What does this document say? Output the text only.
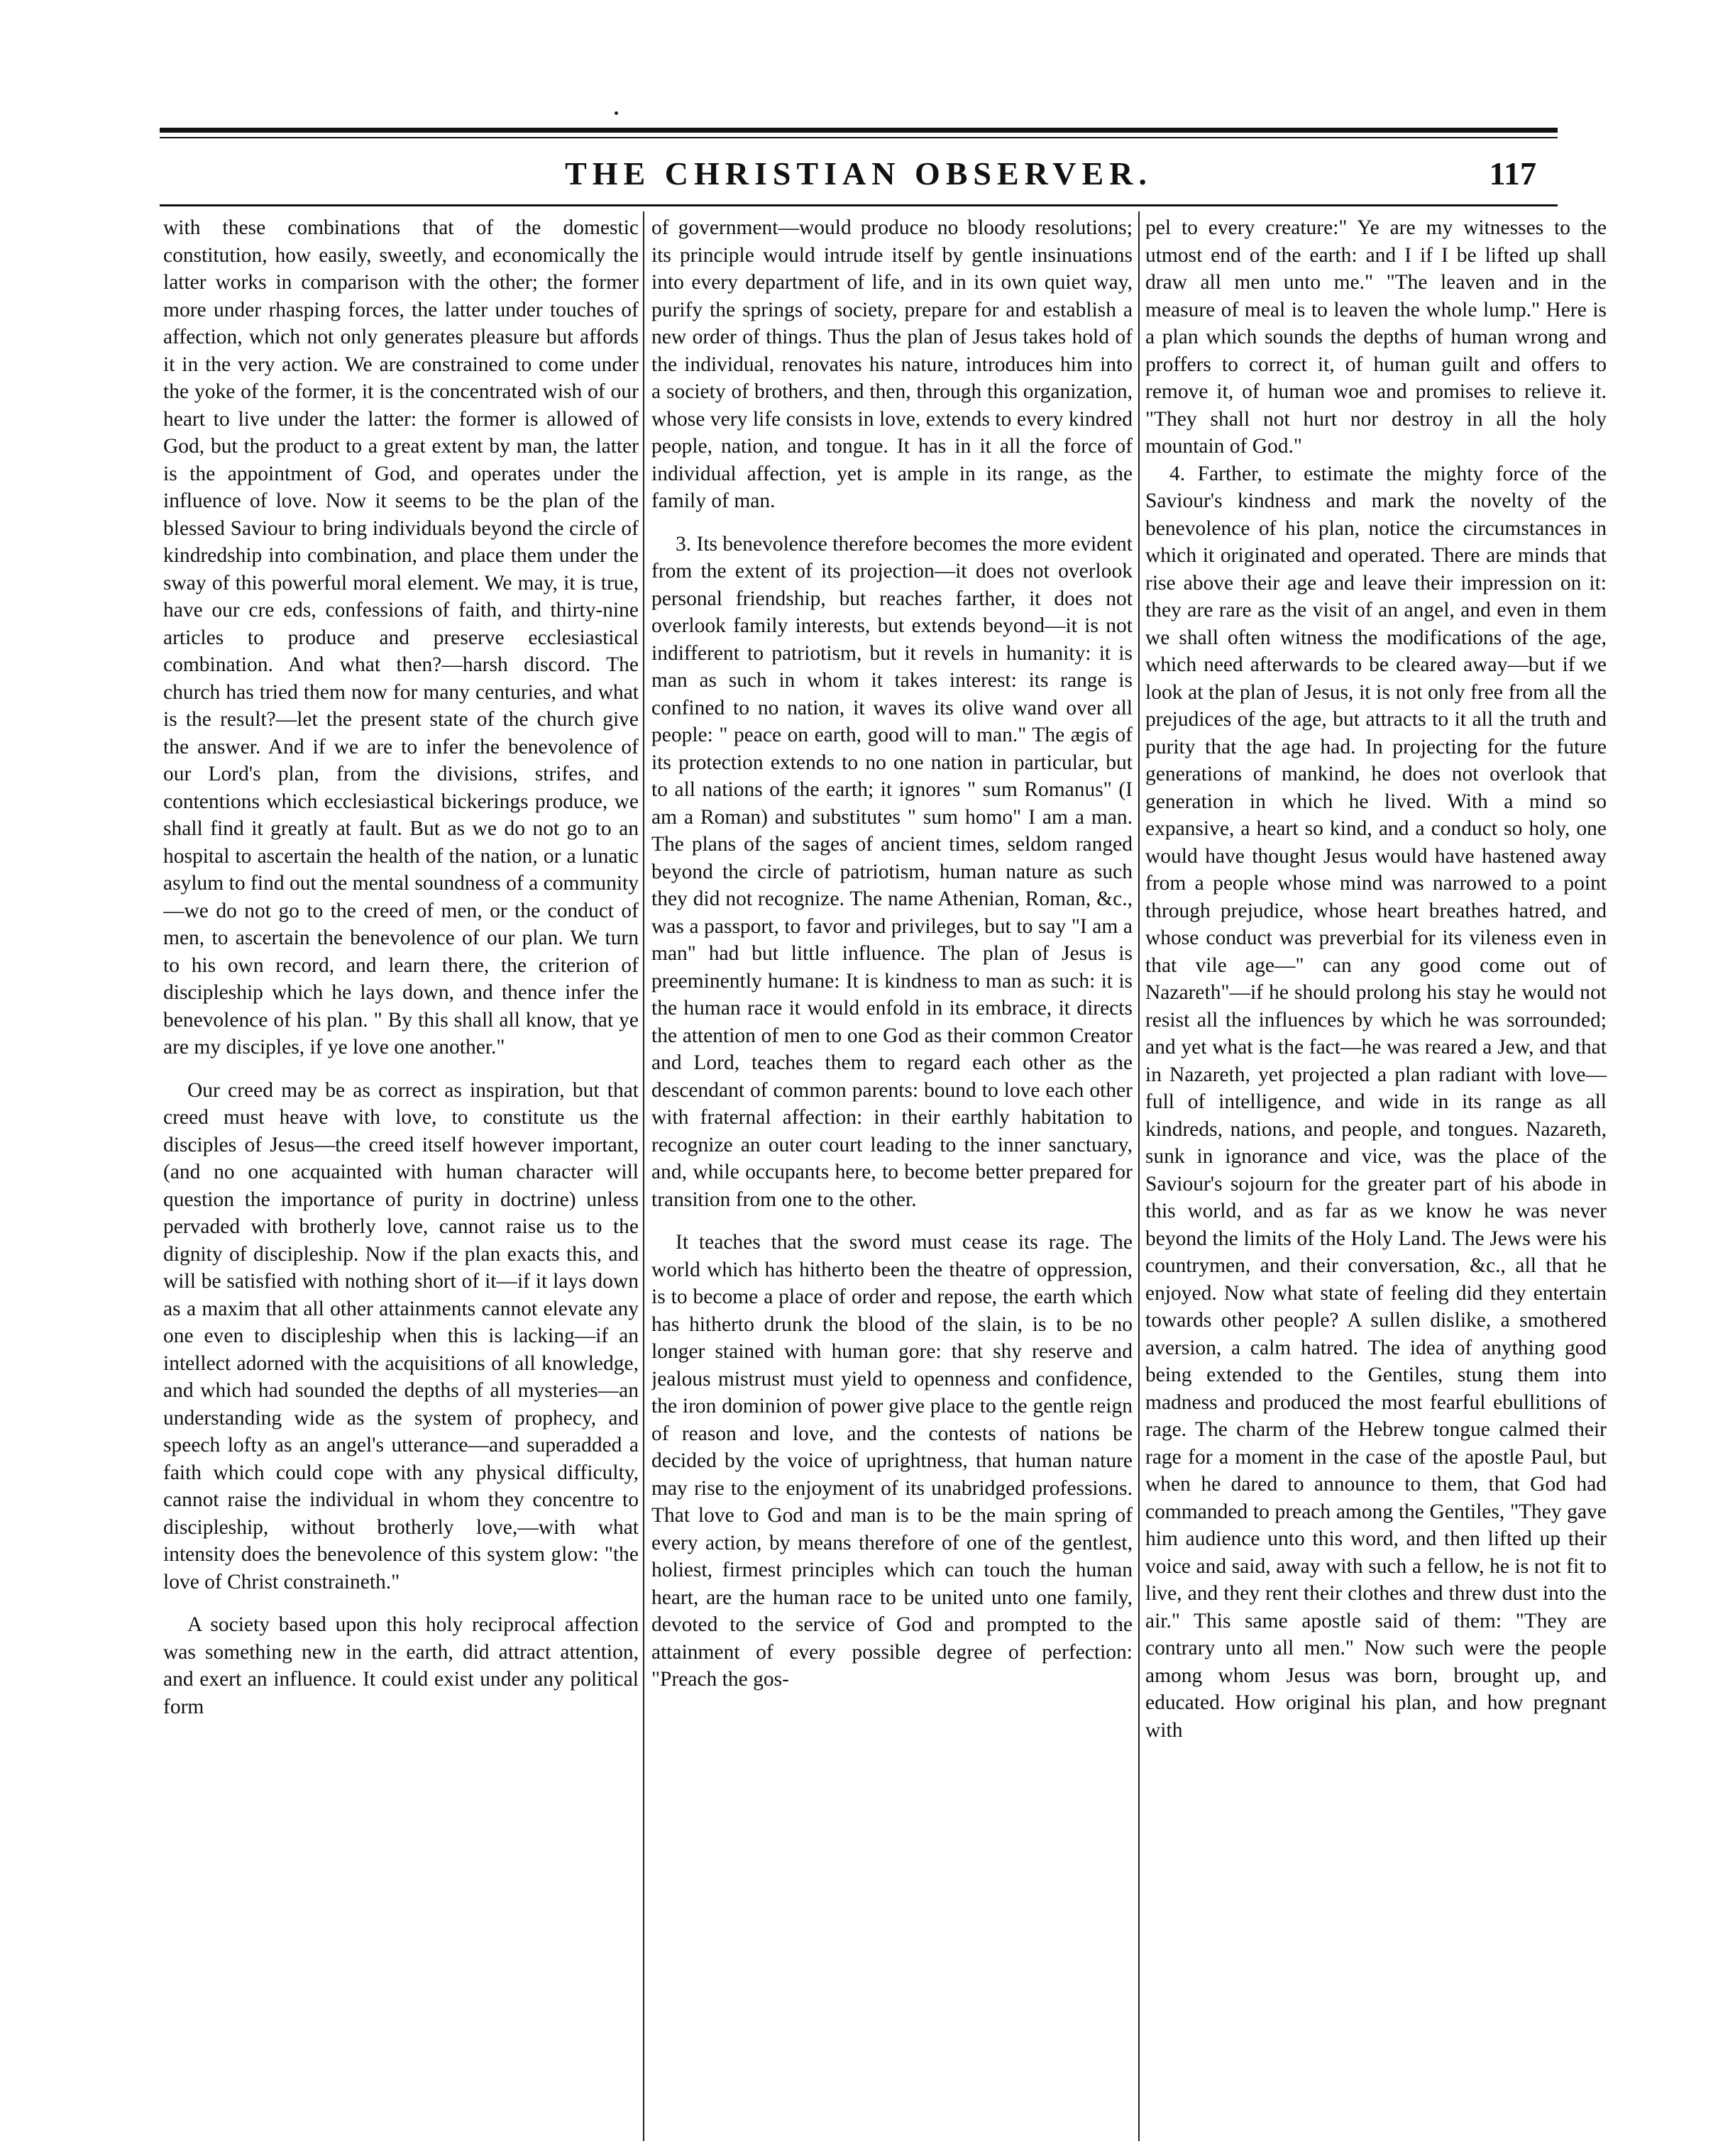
THE CHRISTIAN OBSERVER.	117

with these combinations that of the domestic constitution, how easily, sweetly, and economically the latter works in comparison with the other; the former more under rhasping forces, the latter under touches of affection, which not only generates pleasure but affords it in the very action. We are constrained to come under the yoke of the former, it is the concentrated wish of our heart to live under the latter: the former is allowed of God, but the product to a great extent by man, the latter is the appointment of God, and operates under the influence of love. Now it seems to be the plan of the blessed Saviour to bring individuals beyond the circle of kindredship into combination, and place them under the sway of this powerful moral element. We may, it is true, have our cre eds, confessions of faith, and thirty-nine articles to produce and preserve ecclesiastical combination. And what then?—harsh discord. The church has tried them now for many centuries, and what is the result?—let the present state of the church give the answer. And if we are to infer the benevolence of our Lord's plan, from the divisions, strifes, and contentions which ecclesiastical bickerings produce, we shall find it greatly at fault. But as we do not go to an hospital to ascertain the health of the nation, or a lunatic asylum to find out the mental soundness of a community—we do not go to the creed of men, or the conduct of men, to ascertain the benevolence of our plan. We turn to his own record, and learn there, the criterion of discipleship which he lays down, and thence infer the benevolence of his plan. " By this shall all know, that ye are my disciples, if ye love one another."

Our creed may be as correct as inspiration, but that creed must heave with love, to constitute us the disciples of Jesus—the creed itself however important, (and no one acquainted with human character will question the importance of purity in doctrine) unless pervaded with brotherly love, cannot raise us to the dignity of discipleship. Now if the plan exacts this, and will be satisfied with nothing short of it—if it lays down as a maxim that all other attainments cannot elevate any one even to discipleship when this is lacking—if an intellect adorned with the acquisitions of all knowledge, and which had sounded the depths of all mysteries—an understanding wide as the system of prophecy, and speech lofty as an angel's utterance—and superadded a faith which could cope with any physical difficulty, cannot raise the individual in whom they concentre to discipleship, without brotherly love,—with what intensity does the benevolence of this system glow: "the love of Christ constraineth."

A society based upon this holy reciprocal affection was something new in the earth, did attract attention, and exert an influence. It could exist under any political form

of government—would produce no bloody resolutions; its principle would intrude itself by gentle insinuations into every department of life, and in its own quiet way, purify the springs of society, prepare for and establish a new order of things. Thus the plan of Jesus takes hold of the individual, renovates his nature, introduces him into a society of brothers, and then, through this organization, whose very life consists in love, extends to every kindred people, nation, and tongue. It has in it all the force of individual affection, yet is ample in its range, as the family of man.

3. Its benevolence therefore becomes the more evident from the extent of its projection—it does not overlook personal friendship, but reaches farther, it does not overlook family interests, but extends beyond—it is not indifferent to patriotism, but it revels in humanity: it is man as such in whom it takes interest: its range is confined to no nation, it waves its olive wand over all people: " peace on earth, good will to man." The ægis of its protection extends to no one nation in particular, but to all nations of the earth; it ignores " sum Romanus" (I am a Roman) and substitutes " sum homo" I am a man. The plans of the sages of ancient times, seldom ranged beyond the circle of patriotism, human nature as such they did not recognize. The name Athenian, Roman, &c., was a passport, to favor and privileges, but to say "I am a man" had but little influence. The plan of Jesus is preeminently humane: It is kindness to man as such: it is the human race it would enfold in its embrace, it directs the attention of men to one God as their common Creator and Lord, teaches them to regard each other as the descendant of common parents: bound to love each other with fraternal affection: in their earthly habitation to recognize an outer court leading to the inner sanctuary, and, while occupants here, to become better prepared for transition from one to the other.

It teaches that the sword must cease its rage. The world which has hitherto been the theatre of oppression, is to become a place of order and repose, the earth which has hitherto drunk the blood of the slain, is to be no longer stained with human gore: that shy reserve and jealous mistrust must yield to openness and confidence, the iron dominion of power give place to the gentle reign of reason and love, and the contests of nations be decided by the voice of uprightness, that human nature may rise to the enjoyment of its unabridged professions. That love to God and man is to be the main spring of every action, by means therefore of one of the gentlest, holiest, firmest principles which can touch the human heart, are the human race to be united unto one family, devoted to the service of God and prompted to the attainment of every possible degree of perfection: "Preach the gos-

pel to every creature:" Ye are my witnesses to the utmost end of the earth: and I if I be lifted up shall draw all men unto me." "The leaven and in the measure of meal is to leaven the whole lump." Here is a plan which sounds the depths of human wrong and proffers to correct it, of human guilt and offers to remove it, of human woe and promises to relieve it. "They shall not hurt nor destroy in all the holy mountain of God."

4. Farther, to estimate the mighty force of the Saviour's kindness and mark the novelty of the benevolence of his plan, notice the circumstances in which it originated and operated. There are minds that rise above their age and leave their impression on it: they are rare as the visit of an angel, and even in them we shall often witness the modifications of the age, which need afterwards to be cleared away—but if we look at the plan of Jesus, it is not only free from all the prejudices of the age, but attracts to it all the truth and purity that the age had. In projecting for the future generations of mankind, he does not overlook that generation in which he lived. With a mind so expansive, a heart so kind, and a conduct so holy, one would have thought Jesus would have hastened away from a people whose mind was narrowed to a point through prejudice, whose heart breathes hatred, and whose conduct was preverbial for its vileness even in that vile age—" can any good come out of Nazareth"—if he should prolong his stay he would not resist all the influences by which he was sorrounded; and yet what is the fact—he was reared a Jew, and that in Nazareth, yet projected a plan radiant with love—full of intelligence, and wide in its range as all kindreds, nations, and people, and tongues. Nazareth, sunk in ignorance and vice, was the place of the Saviour's sojourn for the greater part of his abode in this world, and as far as we know he was never beyond the limits of the Holy Land. The Jews were his countrymen, and their conversation, &c., all that he enjoyed. Now what state of feeling did they entertain towards other people? A sullen dislike, a smothered aversion, a calm hatred. The idea of anything good being extended to the Gentiles, stung them into madness and produced the most fearful ebullitions of rage. The charm of the Hebrew tongue calmed their rage for a moment in the case of the apostle Paul, but when he dared to announce to them, that God had commanded to preach among the Gentiles, "They gave him audience unto this word, and then lifted up their voice and said, away with such a fellow, he is not fit to live, and they rent their clothes and threw dust into the air." This same apostle said of them: "They are contrary unto all men." Now such were the people among whom Jesus was born, brought up, and educated. How original his plan, and how pregnant with
